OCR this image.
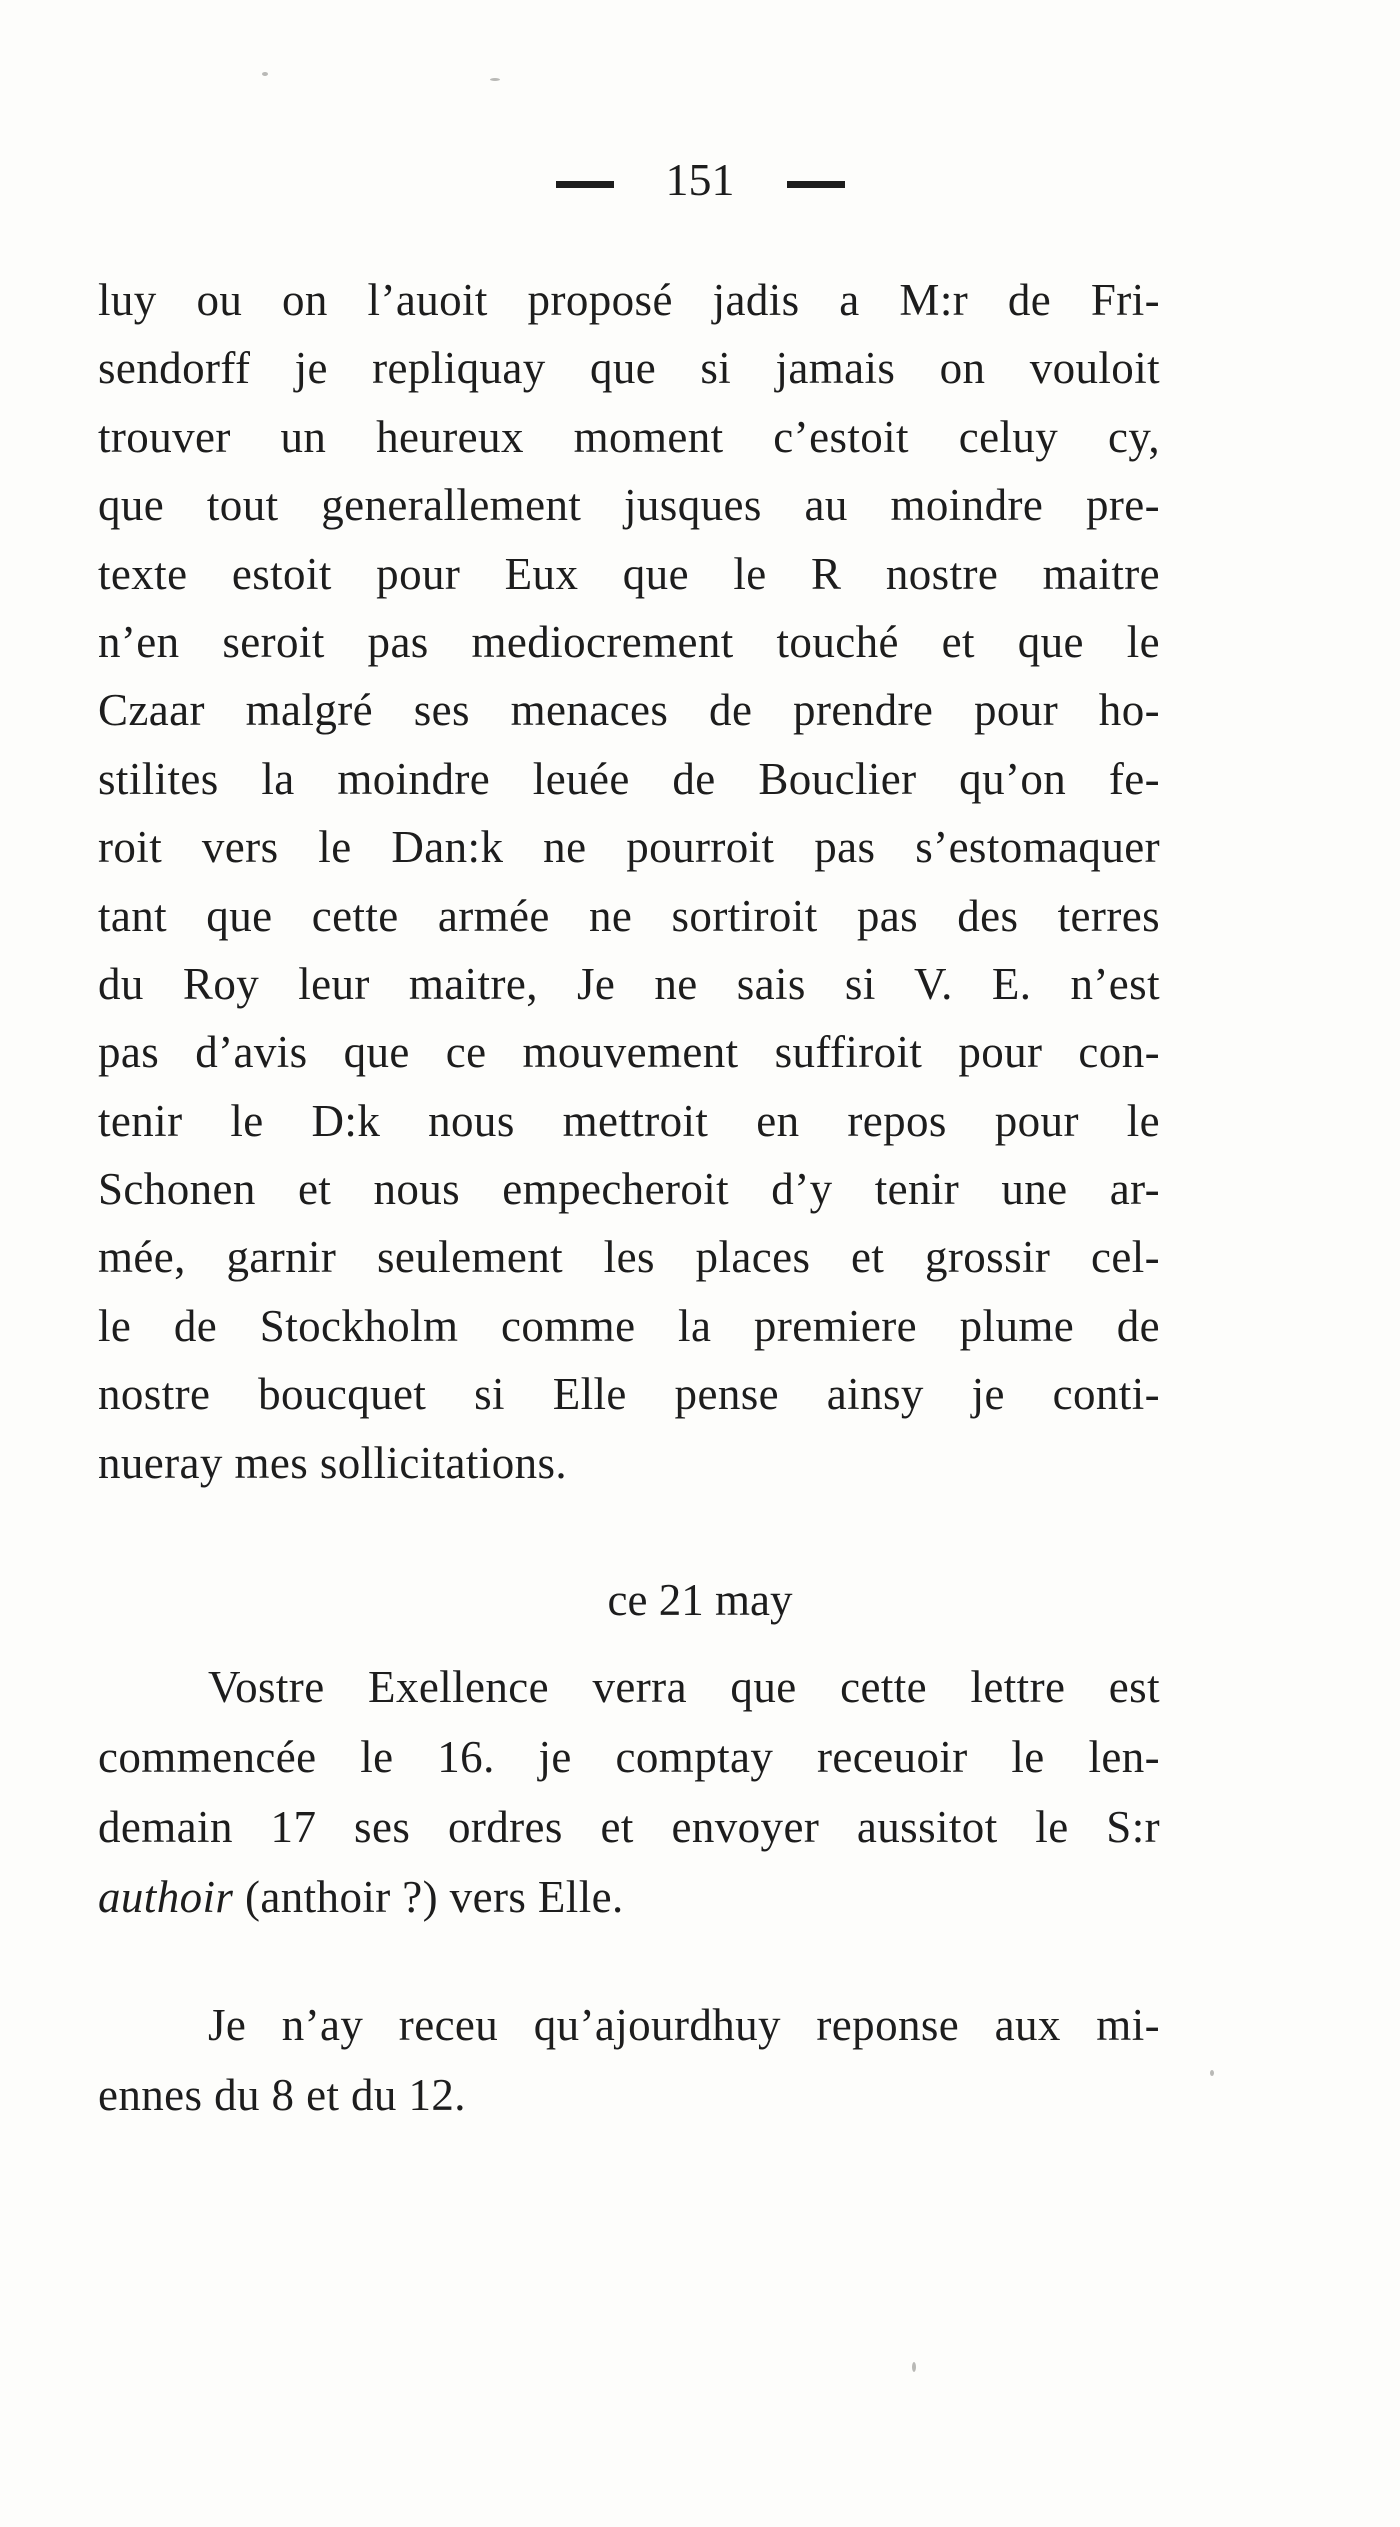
151
luy ou on l’auoit proposé jadis a M:r de Fri-
sendorff je repliquay que si jamais on vouloit
trouver un heureux moment c’estoit celuy cy,
que tout generallement jusques au moindre pre-
texte estoit pour Eux que le R nostre maitre
n’en seroit pas mediocrement touché et que le
Czaar malgré ses menaces de prendre pour ho-
stilites la moindre leuée de Bouclier qu’on fe-
roit vers le Dan:k ne pourroit pas s’estomaquer
tant que cette armée ne sortiroit pas des terres
du Roy leur maitre, Je ne sais si V. E. n’est
pas d’avis que ce mouvement suffiroit pour con-
tenir le D:k nous mettroit en repos pour le
Schonen et nous empecheroit d’y tenir une ar-
mée, garnir seulement les places et grossir cel-
le de Stockholm comme la premiere plume de
nostre boucquet si Elle pense ainsy je conti-
nueray mes sollicitations.
ce 21 may
Vostre Exellence verra que cette lettre est
commencée le 16. je comptay receuoir le len-
demain 17 ses ordres et envoyer aussitot le S:r
authoir (anthoir ?) vers Elle.
Je n’ay receu qu’ajourdhuy reponse aux mi-
ennes du 8 et du 12.
